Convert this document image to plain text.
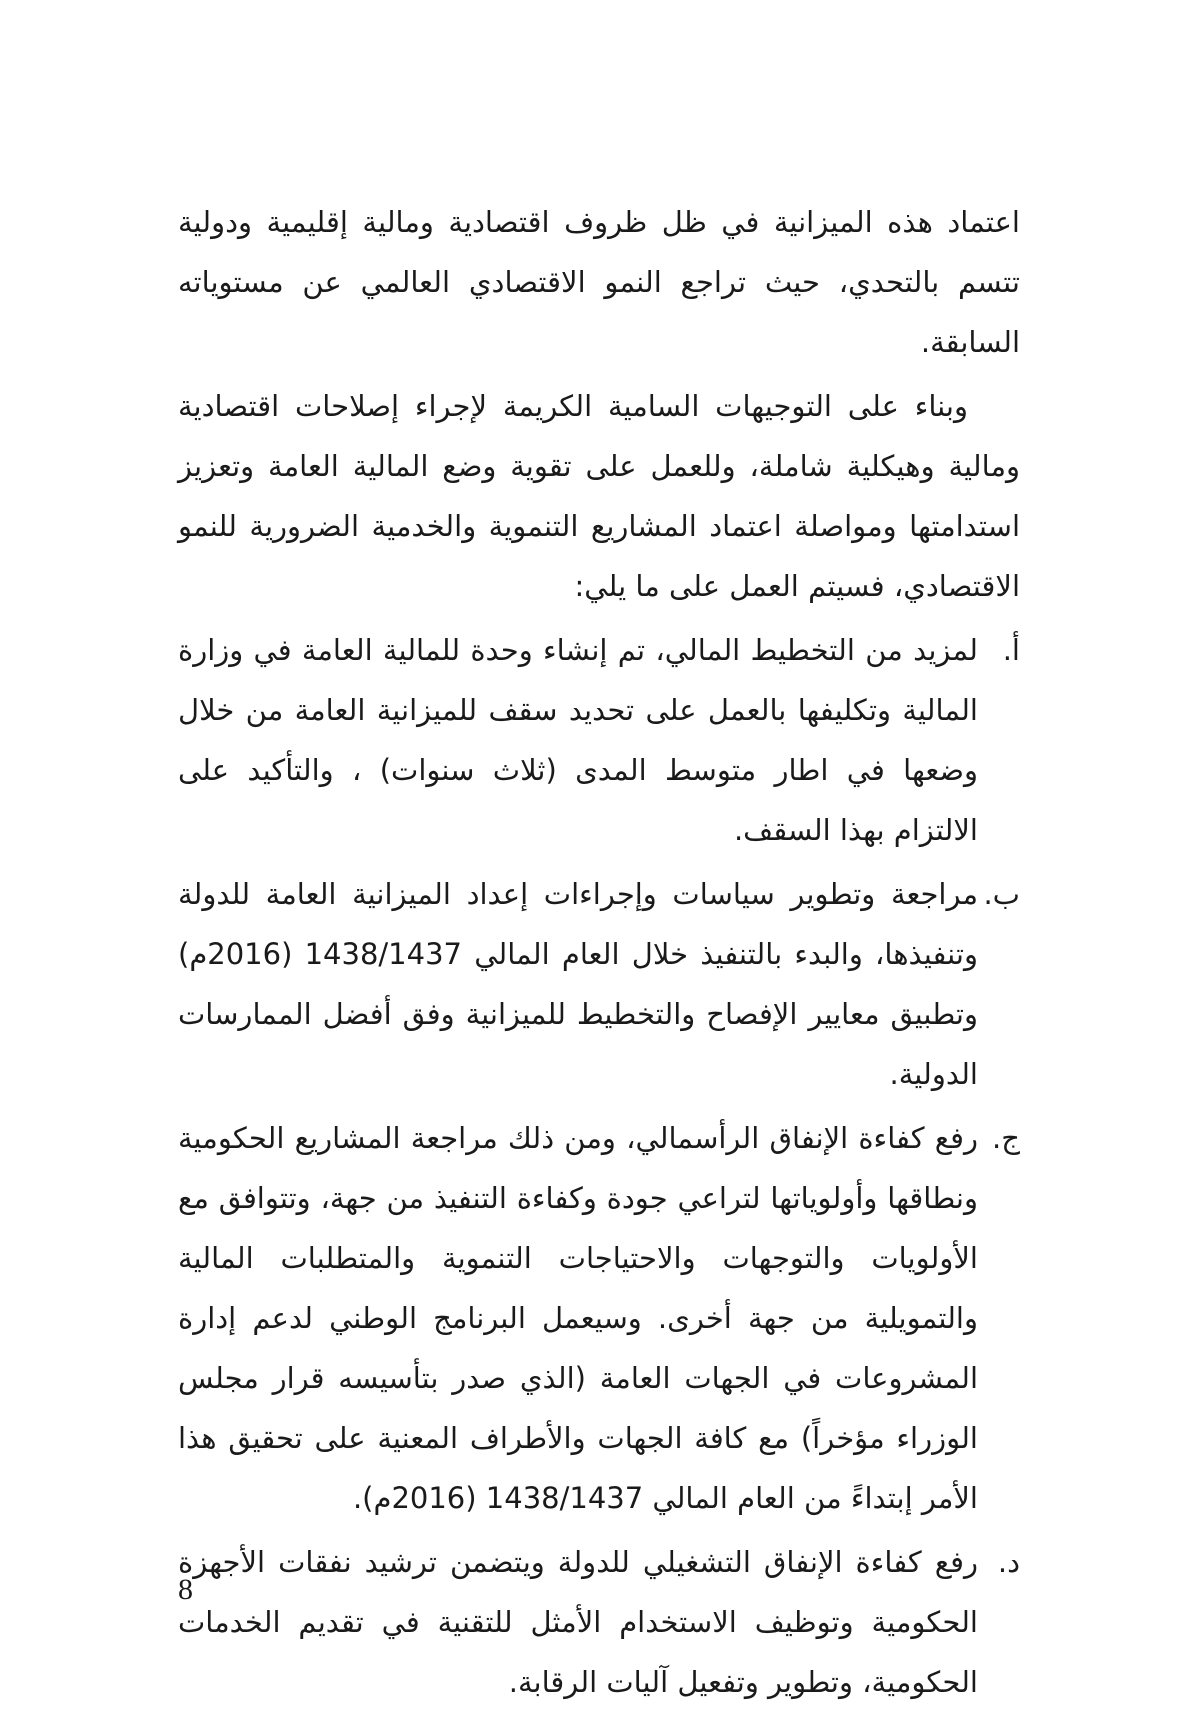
اعتماد هذه الميزانية في ظل ظروف اقتصادية ومالية إقليمية ودولية تتسم بالتحدي، حيث تراجع النمو الاقتصادي العالمي عن مستوياته السابقة.

وبناء على التوجيهات السامية الكريمة لإجراء إصلاحات اقتصادية ومالية وهيكلية شاملة، وللعمل على تقوية وضع المالية العامة وتعزيز استدامتها ومواصلة اعتماد المشاريع التنموية والخدمية الضرورية للنمو الاقتصادي، فسيتم العمل على ما يلي:

أ.
لمزيد من التخطيط المالي، تم إنشاء وحدة للمالية العامة في وزارة المالية وتكليفها بالعمل على تحديد سقف للميزانية العامة من خلال وضعها في اطار متوسط المدى (ثلاث سنوات) ، والتأكيد على الالتزام بهذا السقف.
ب.
مراجعة وتطوير سياسات وإجراءات إعداد الميزانية العامة للدولة وتنفيذها، والبدء بالتنفيذ خلال العام المالي 1438/1437 (2016م) وتطبيق معايير الإفصاح والتخطيط للميزانية وفق أفضل الممارسات الدولية.
ج.
رفع كفاءة الإنفاق الرأسمالي، ومن ذلك مراجعة المشاريع الحكومية ونطاقها وأولوياتها لتراعي جودة وكفاءة التنفيذ من جهة، وتتوافق مع الأولويات والتوجهات والاحتياجات التنموية والمتطلبات المالية والتمويلية من جهة أخرى. وسيعمل البرنامج الوطني لدعم إدارة المشروعات في الجهات العامة (الذي صدر بتأسيسه قرار مجلس الوزراء مؤخراً) مع كافة الجهات والأطراف المعنية على تحقيق هذا الأمر إبتداءً من العام المالي 1438/1437 (2016م).
د.
رفع كفاءة الإنفاق التشغيلي للدولة ويتضمن ترشيد نفقات الأجهزة الحكومية وتوظيف الاستخدام الأمثل للتقنية في تقديم الخدمات الحكومية، وتطوير وتفعيل آليات الرقابة.
8
